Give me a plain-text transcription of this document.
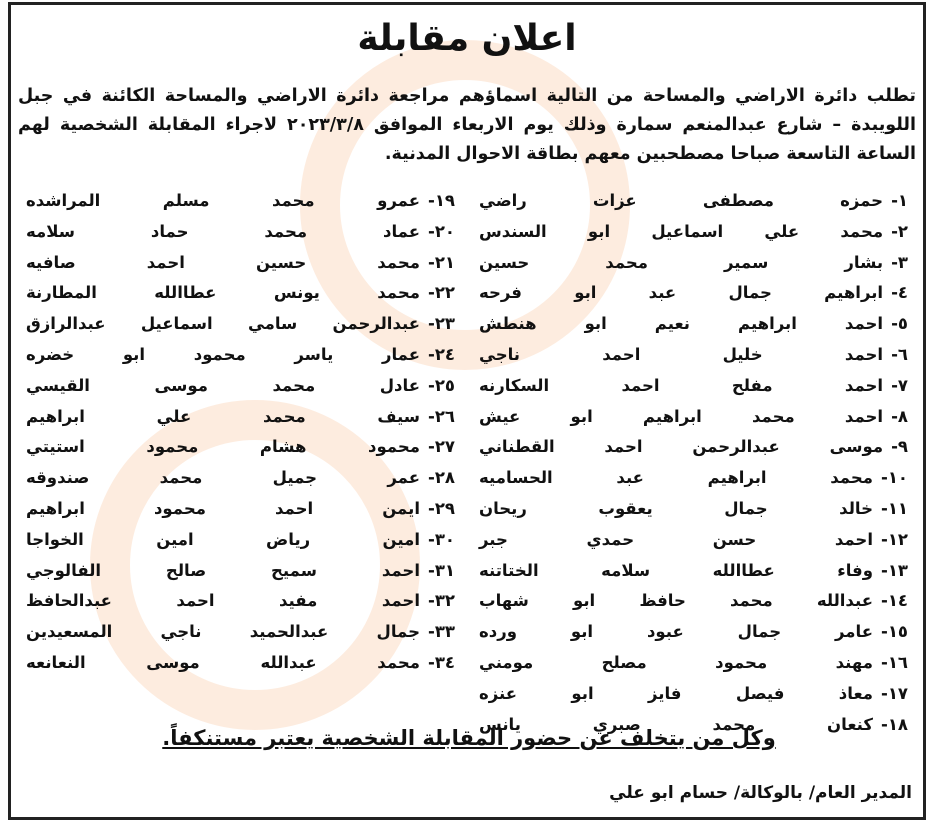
اعلان مقابلة
تطلب دائرة الاراضي والمساحة من التالية اسماؤهم مراجعة دائرة الاراضي والمساحة الكائنة في جبل اللويبدة – شارع عبدالمنعم سمارة وذلك يوم الاربعاء الموافق ٢٠٢٣/٣/٨ لاجراء المقابلة الشخصية لهم الساعة التاسعة صباحا مصطحبين معهم بطاقة الاحوال المدنية.
١-حمزه مصطفى عزات راضي
٢-محمد علي اسماعيل ابو السندس
٣-بشار سمير محمد حسين
٤-ابراهيم جمال عبد ابو فرحه
٥-احمد ابراهيم نعيم ابو هنطش
٦-احمد خليل احمد ناجي
٧-احمد مفلح احمد السكارنه
٨-احمد محمد ابراهيم ابو عيش
٩-موسى عبدالرحمن احمد القطناني
١٠-محمد ابراهيم عبد الحساميه
١١-خالد جمال يعقوب ريحان
١٢-احمد حسن حمدي جبر
١٣-وفاء عطاالله سلامه الختاتنه
١٤-عبدالله محمد حافظ ابو شهاب
١٥-عامر جمال عبود ابو ورده
١٦-مهند محمود مصلح مومني
١٧-معاذ فيصل فايز ابو عنزه
١٨-كنعان محمد صبري يانس
١٩-عمرو محمد مسلم المراشده
٢٠-عماد محمد حماد سلامه
٢١-محمد حسين احمد صافيه
٢٢-محمد يونس عطاالله المطارنة
٢٣-عبدالرحمن سامي اسماعيل عبدالرازق
٢٤-عمار ياسر محمود ابو خضره
٢٥-عادل محمد موسى القيسي
٢٦-سيف محمد علي ابراهيم
٢٧-محمود هشام محمود استيتي
٢٨-عمر جميل محمد صندوقه
٢٩-ايمن احمد محمود ابراهيم
٣٠-امين رياض امين الخواجا
٣١-احمد سميح صالح الفالوجي
٣٢-احمد مفيد احمد عبدالحافظ
٣٣-جمال عبدالحميد ناجي المسعيدين
٣٤-محمد عبدالله موسى النعانعه
وكل من يتخلف عن حضور المقابلة الشخصية يعتبر مستنكفاً.
المدير العام/ بالوكالة/ حسام ابو علي
